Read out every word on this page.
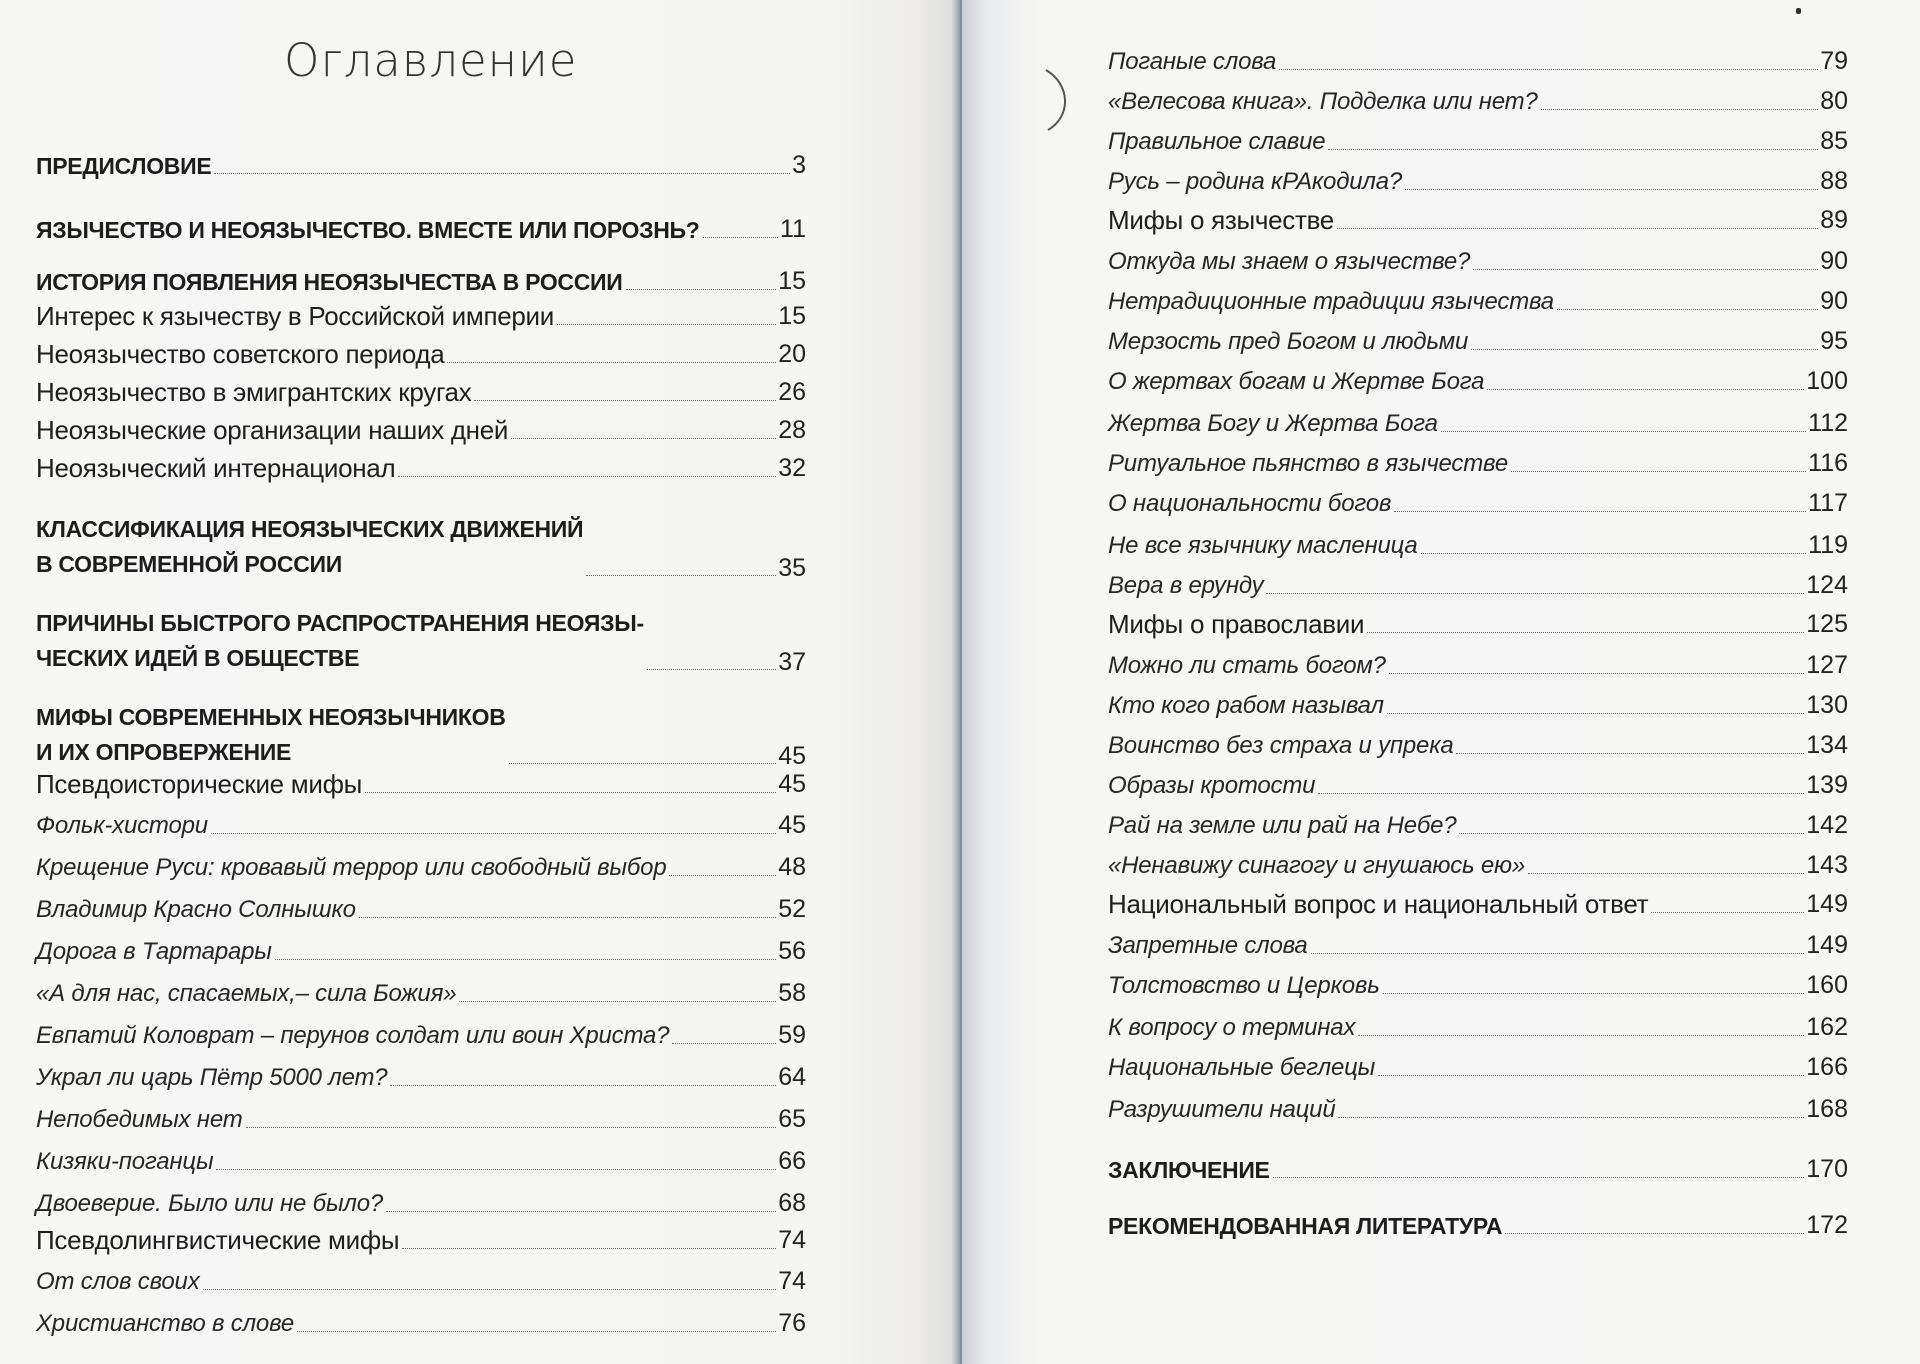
Оглавление
ПРЕДИСЛОВИЕ	3
ЯЗЫЧЕСТВО И НЕОЯЗЫЧЕСТВО. ВМЕСТЕ ИЛИ ПОРОЗНЬ?	11
ИСТОРИЯ ПОЯВЛЕНИЯ НЕОЯЗЫЧЕСТВА В РОССИИ	15
Интерес к язычеству в Российской империи	15
Неоязычество советского периода	20
Неоязычество в эмигрантских кругах	26
Неоязыческие организации наших дней	28
Неоязыческий интернационал	32
КЛАССИФИКАЦИЯ НЕОЯЗЫЧЕСКИХ ДВИЖЕНИЙ
В СОВРЕМЕННОЙ РОССИИ	35
ПРИЧИНЫ БЫСТРОГО РАСПРОСТРАНЕНИЯ НЕОЯЗЫ-
ЧЕСКИХ ИДЕЙ В ОБЩЕСТВЕ	37
МИФЫ СОВРЕМЕННЫХ НЕОЯЗЫЧНИКОВ
И ИХ ОПРОВЕРЖЕНИЕ	45
Псевдоисторические мифы	45
Фольк-хистори	45
Крещение Руси: кровавый террор или свободный выбор	48
Владимир Красно Солнышко	52
Дорога в Тартарары	56
«А для нас, спасаемых,– сила Божия»	58
Евпатий Коловрат – перунов солдат или воин Христа?	59
Украл ли царь Пётр 5000 лет?	64
Непобедимых нет	65
Кизяки-поганцы	66
Двоеверие. Было или не было?	68
Псевдолингвистические мифы	74
От слов своих	74
Христианство в слове	76
Поганые слова	79
«Велесова книга». Подделка или нет?	80
Правильное славие	85
Русь – родина кРАкодила?	88
Мифы о язычестве	89
Откуда мы знаем о язычестве?	90
Нетрадиционные традиции язычества	90
Мерзость пред Богом и людьми	95
О жертвах богам и Жертве Бога	100
Жертва Богу и Жертва Бога	112
Ритуальное пьянство в язычестве	116
О национальности богов	117
Не все язычнику масленица	119
Вера в ерунду	124
Мифы о православии	125
Можно ли стать богом?	127
Кто кого рабом называл	130
Воинство без страха и упрека	134
Образы кротости	139
Рай на земле или рай на Небе?	142
«Ненавижу синагогу и гнушаюсь ею»	143
Национальный вопрос и национальный ответ	149
Запретные слова	149
Толстовство и Церковь	160
К вопросу о терминах	162
Национальные беглецы	166
Разрушители наций	168
ЗАКЛЮЧЕНИЕ	170
РЕКОМЕНДОВАННАЯ ЛИТЕРАТУРА	172
